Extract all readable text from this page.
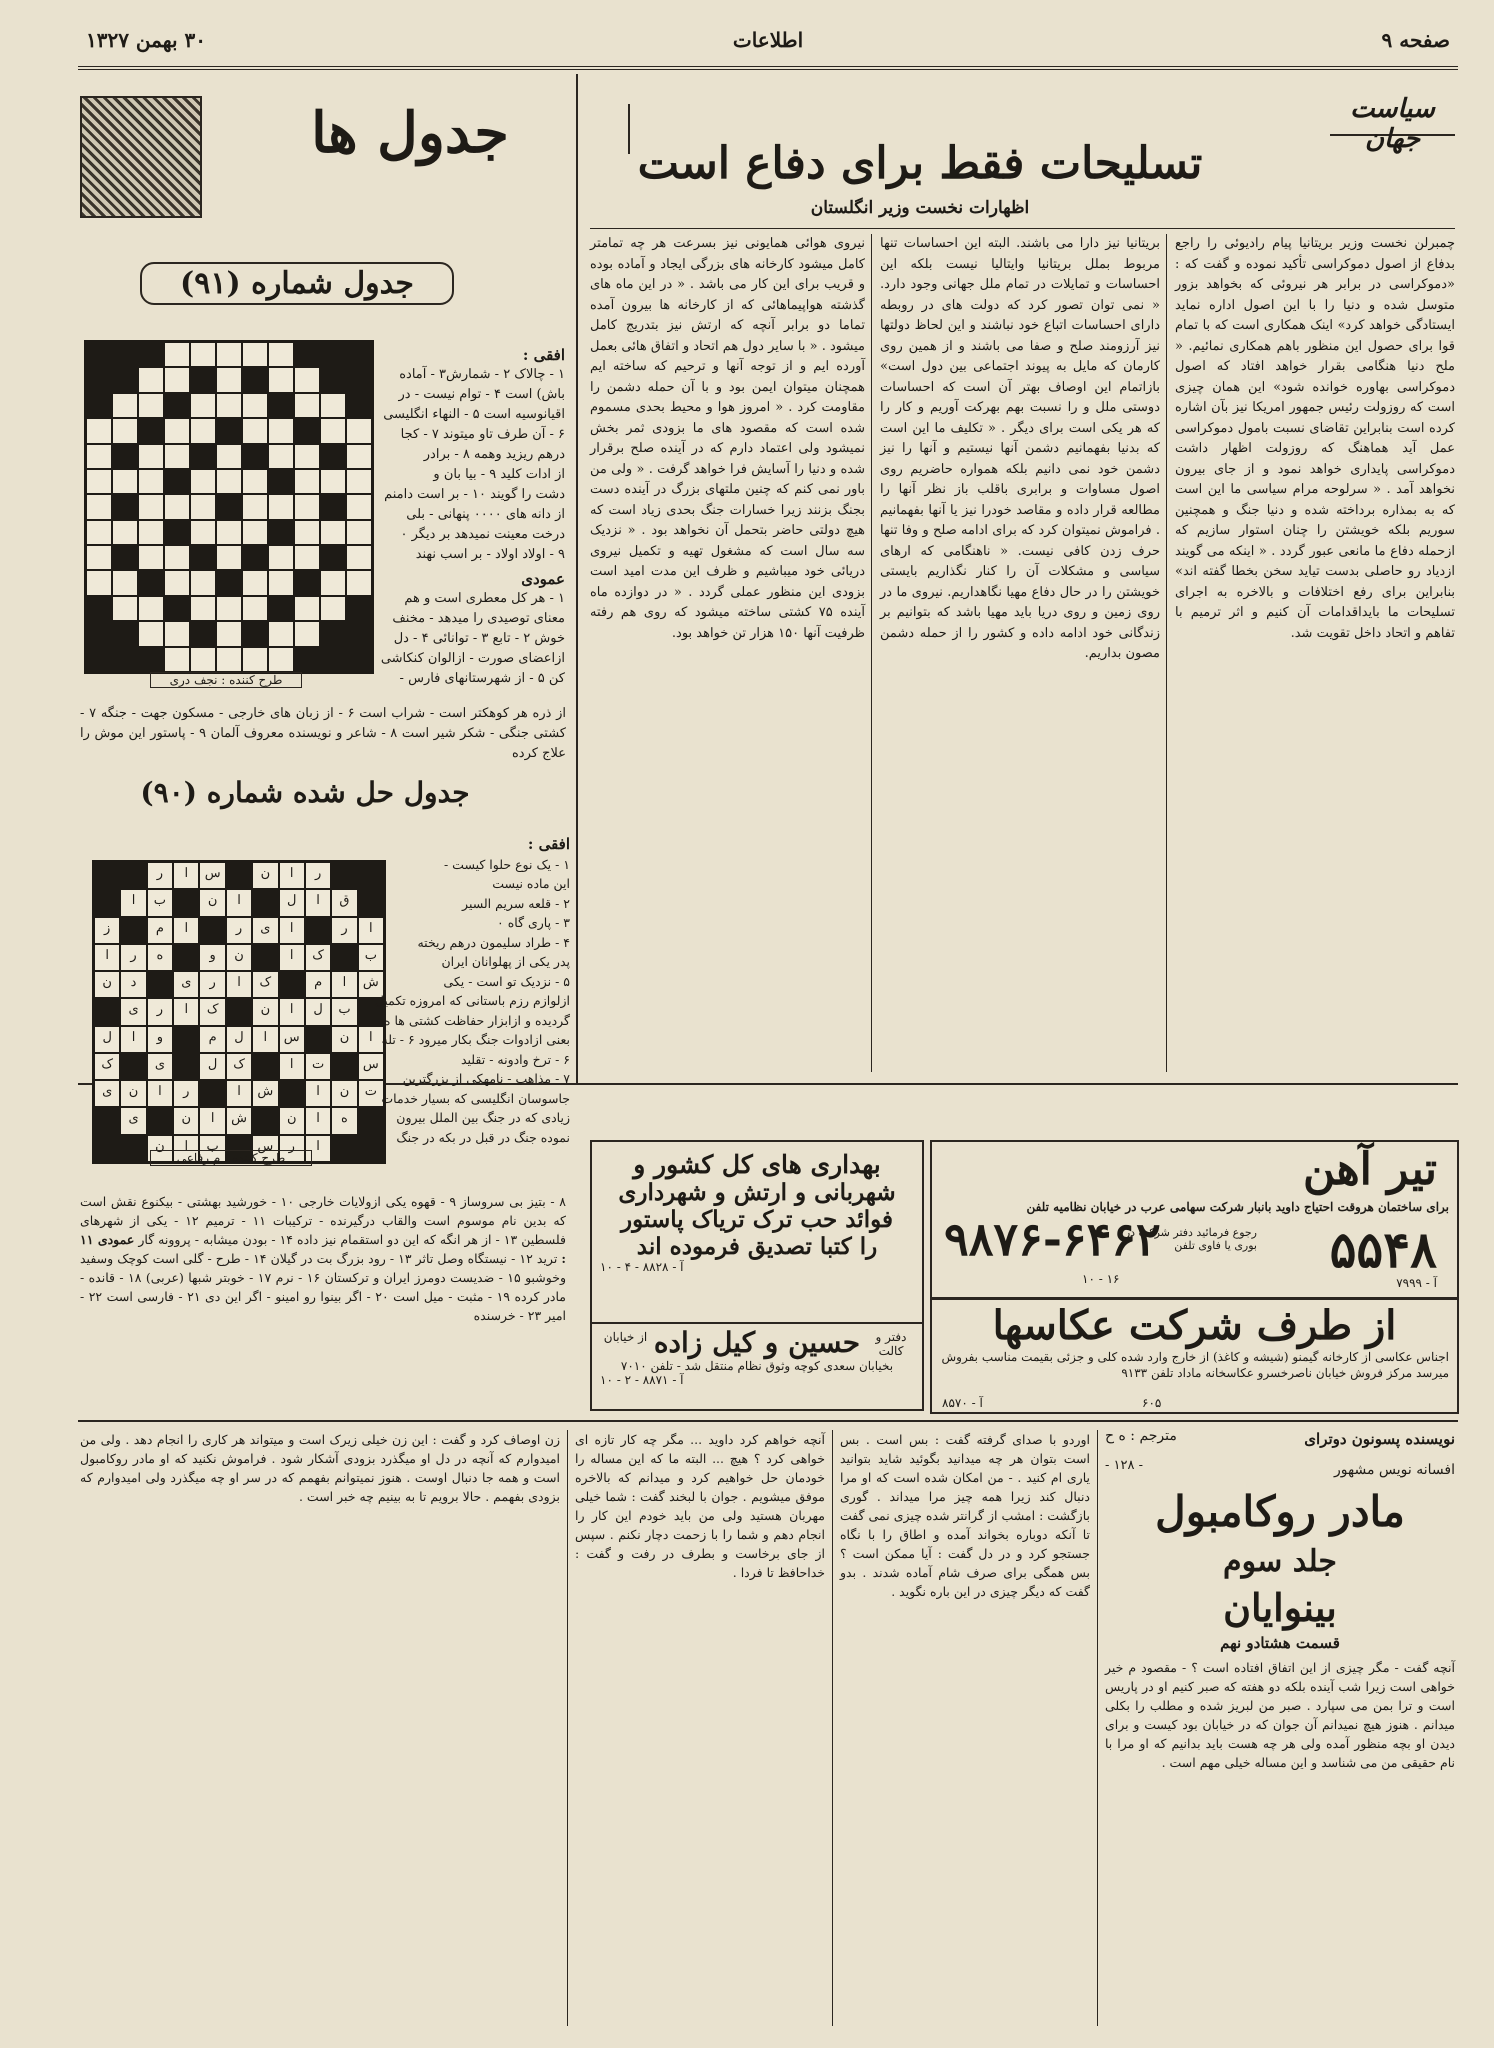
صفحه ۹
اطلاعات
۳۰ بهمن ۱۳۲۷
سیاست جهان
تسلیحات فقط برای دفاع است
اظهارات نخست وزیر انگلستان
چمبرلن نخست وزیر بریتانیا پیام رادیوئی را راجع بدفاع از اصول دموکراسی تأکید نموده و گفت که : «دموکراسی در برابر هر نیروئی که بخواهد بزور متوسل شده و دنیا را با این اصول اداره نماید ایستادگی خواهد کرد» اینک همکاری است که با تمام قوا برای حصول این منظور باهم همکاری نمائیم. « ملح دنیا هنگامی بقرار خواهد افتاد که اصول دموکراسی بهاوره خوانده شود» این همان چیزی است که روزولت رئیس جمهور امریکا نیز بآن اشاره کرده است بنابراین تقاضای نسبت بامول دموکراسی عمل آید هماهنگ که روزولت اظهار داشت دموکراسی پایداری خواهد نمود و از جای بیرون نخواهد آمد . « سرلوحه مرام سیاسی ما این است که به بمذاره برداخته شده و دنیا جنگ و همچنین سوریم بلکه خویشتن را چنان استوار سازیم که ازحمله دفاع ما مانعی عبور گردد . « اینکه می گویند ازدیاد رو حاصلی بدست تیاید سخن بخطا گفته اند» بنابراین برای رفع اختلافات و بالاخره به اجرای تسلیحات ما بایداقدامات آن کنیم و اثر ترمیم با تفاهم و اتحاد داخل تقویت شد.
بریتانیا نیز دارا می باشند. البته این احساسات تنها مربوط بملل بریتانیا وایتالیا نیست بلکه این احساسات و تمایلات در تمام ملل جهانی وجود دارد. « نمی توان تصور کرد که دولت های در روبطه دارای احساسات اتباع خود نباشند و این لحاظ دولتها نیز آرزومند صلح و صفا می باشند و از همین روی کارمان که مایل به پیوند اجتماعی بین دول است» بازاتمام این اوصاف بهتر آن است که احساسات دوستی ملل و را نسبت بهم بهرکت آوریم و کار را که هر یکی است برای دیگر . « تکلیف ما این است که بدنیا بفهمانیم دشمن آنها نیستیم و آنها را نیز دشمن خود نمی دانیم بلکه همواره حاضریم روی اصول مساوات و برابری باقلب باز نظر آنها را مطالعه قرار داده و مقاصد خودرا نیز یا آنها بفهمانیم . فراموش نمیتوان کرد که برای ادامه صلح و وفا تنها حرف زدن کافی نیست. « ناهنگامی که ارهای سیاسی و مشکلات آن را کنار نگذاریم بایستی خویشتن را در حال دفاع مهیا نگاهداریم. نیروی ما در روی زمین و روی دریا باید مهیا باشد که بتوانیم بر زندگانی خود ادامه داده و کشور را از حمله دشمن مصون بداریم.
نیروی هوائی همایونی نیز بسرعت هر چه تمامتر کامل میشود کارخانه های بزرگی ایجاد و آماده بوده و قریب برای این کار می باشد . « در این ماه های گذشته هواپیماهائی که از کارخانه ها بیرون آمده تماما دو برابر آنچه که ارتش نیز بتدریج کامل میشود . « با سایر دول هم اتحاد و اتفاق هائی بعمل آورده ایم و از توجه آنها و ترحیم که ساخته ایم همچنان میتوان ایمن بود و با آن حمله دشمن را مقاومت کرد . « امروز هوا و محیط بحدی مسموم شده است که مقصود های ما بزودی ثمر بخش نمیشود ولی اعتماد دارم که در آینده صلح برقرار شده و دنیا را آسایش فرا خواهد گرفت . « ولی من باور نمی کنم که چنین ملتهای بزرگ در آینده دست بجنگ بزنند زیرا خسارات جنگ بحدی زیاد است که هیچ دولتی حاضر بتحمل آن نخواهد بود . « نزدیک سه سال است که مشغول تهیه و تکمیل نیروی دریائی خود میباشیم و ظرف این مدت امید است بزودی این منظور عملی گردد . « در دوازده ماه آینده ۷۵ کشتی ساخته میشود که روی هم رفته ظرفیت آنها ۱۵۰ هزار تن خواهد بود.
جدول ها
جدول شماره (۹۱)
طرح کننده : نجف دری
افقی :
۱ - چالاک ۲ - شمارش۳ - آماده
باش) است ۴ - توام نیست - در
اقیانوسیه است ۵ - النهاء انگلیسی
۶ - آن طرف تاو میتوند ۷ - کجا
درهم ریزید وهمه ۸ - برادر
از ادات کلید ۹ - بیا بان و
دشت را گویند ۱۰ - بر است دامنم
از دانه های ۰۰۰۰ پنهانی - بلی
درخت معینت نمیدهد بر دیگر ۰
۹ - اولاد اولاد - بر اسب نهند
عمودی
۱ - هر کل معطری است و هم
معنای توصیدی را میدهد - مخنف
خوش ۲ - تابع ۳ - توانائی ۴ - دل
ازاعضای صورت - ازالوان کنکاشی
کن ۵ - از شهرستانهای فارس -
از ذره هر کوهکتر است - شراب است ۶ - از زبان های خارجی - مسکون جهت - جنگه ۷ - کشتی جنگی - شکر شیر است ۸ - شاعر و نویسنده معروف آلمان ۹ - پاستور این موش را علاج کرده
جدول حل شده شماره (۹۰)
ر
ا
ن
س
ا
ر
ق
ا
ل
ا
ن
ب
ا
ا
ر
ا
ی
ر
ا
م
ز
ب
ک
ا
ن
و
ه
ر
ا
ش
ا
م
ک
ا
ر
ی
د
ن
ب
ل
ا
ن
ک
ا
ر
ی
ا
ن
س
ا
ل
م
و
ا
ل
س
ت
ا
ک
ل
ی
ک
ت
ن
ا
ش
ا
ر
ا
ن
ی
ه
ا
ن
ش
ا
ن
ی
ا
ر
س
ب
ا
ن
طرح کننده : م رفاعی
افقی :
۱ - یک نوع حلوا کیست -
این ماده نیست
۲ - قلعه سریم السیر
۳ - پاری گاه ۰
۴ - طراد سلیمون درهم ریخته
پدر یکی از پهلوانان ایران
۵ - نزدیک تو است - یکی
ازلوازم رزم باستانی که امروزه تکمیل
گردیده و ازابزار حفاظت کشتی ها ه
بعنی ازادوات جنگ بکار میرود ۶ - تله
۶ - ترخ وادونه - تقلید
۷ - مذاهب - نامهکی از بزرگترین
جاسوسان انگلیسی که بسیار خدمات
زیادی که در جنگ بین الملل بیرون
نموده جنگ در قبل در بکه در جنگ
۸ - بتیز بی سروساز ۹ - قهوه یکی ازولایات خارجی ۱۰ - خورشید بهشتی - بیکنوع نقش است که بدین نام موسوم است والقاب درگیرنده - ترکیبات ۱۱ - ترمیم ۱۲ - یکی از شهرهای فلسطین ۱۳ - از هر انگه که این دو استقمام نیز داده ۱۴ - بودن میشابه - پروونه گار عمودی ۱۱ : ترید ۱۲ - نیستگاه وصل تاثر ۱۳ - رود بزرگ بت در گیلان ۱۴ - طرح - گلی است کوچک وسفید وخوشبو ۱۵ - ضدیست دومرز ایران و ترکستان ۱۶ - نرم ۱۷ - خوبتر شبها (عربی) ۱۸ - قانده - مادر کرده ۱۹ - مثبت - میل است ۲۰ - اگر بینوا رو امینو - اگر این دی ۲۱ - فارسی است ۲۲ - امیر ۲۳ - خرسنده
بهداری های کل کشور و
شهربانی و ارتش و شهرداری
فوائد حب ترک تریاک پاستور
را کتبا تصدیق فرموده اند
آ - ۸۸۲۸ - ۴ - ۱۰
دفتر و کالت
حسین و کیل زاده
از خیابان
بخیابان سعدی کوچه وثوق نظام منتقل شد - تلفن ۷۰۱۰
آ - ۸۸۷۱ - ۲ - ۱۰
تیر آهن
برای ساختمان هروقت احتیاج داوید بانبار شرکت سهامی عرب در خیابان نظامیه تلفن
۵۵۴۸
رجوع فرمائید دفتر شرکت در بوری یا فاوی تلفن
۹۸۷۶-۶۴۶۲
آ - ۷۹۹۹
۱۶ - ۱۰
از طرف شرکت عکاسها
اجناس عکاسی از کارخانه گیمنو (شیشه و کاغذ) از خارج وارد شده کلی و جزئی بقیمت مناسب بفروش میرسد مرکز فروش خیابان ناصرخسرو عکاسخانه ماداد تلفن ۹۱۳۳
آ - ۸۵۷۰	۶۰۵
نویسنده پسونون دوترای
مترجم : ه ح
افسانه نویس مشهور
- ۱۲۸ -
مادر روکامبول
جلد سوم
بینوایان
قسمت هشتادو نهم
آنچه گفت - مگر چیزی از این اتفاق افتاده است ؟ - مقصود م خیر خواهی است زیرا شب آینده بلکه دو هفته که صبر کنیم او در پاریس است و ترا بمن می سپارد . صبر من لبریز شده و مطلب را بکلی میدانم . هنوز هیچ نمیدانم آن جوان که در خیابان بود کیست و برای دیدن او بچه منظور آمده ولی هر چه هست باید بدانیم که او مرا با نام حقیقی من می شناسد و این مساله خیلی مهم است .
اوردو با صدای گرفته گفت : بس است . بس است بتوان هر چه میدانید بگوئید شاید بتوانید یاری ام کنید . - من امکان شده است که او مرا دنبال کند زیرا همه چیز مرا میداند . گوری بازگشت : امشب از گرانتر شده چیزی نمی گفت تا آنکه دوباره بخواند آمده و اطاق را با نگاه جستجو کرد و در دل گفت : آیا ممکن است ؟ بس همگی برای صرف شام آماده شدند . بدو گفت که دیگر چیزی در این باره نگوید .
آنچه خواهم کرد داوید ... مگر چه کار تازه ای خواهی کرد ؟ هیچ ... البته ما که این مساله را خودمان حل خواهیم کرد و میدانم که بالاخره موفق میشویم . جوان با لبخند گفت : شما خیلی مهربان هستید ولی من باید خودم این کار را انجام دهم و شما را با زحمت دچار نکنم . سپس از جای برخاست و بطرف در رفت و گفت : خداحافظ تا فردا .
زن اوصاف کرد و گفت : این زن خیلی زیرک است و میتواند هر کاری را انجام دهد . ولی من امیدوارم که آنچه در دل او میگذرد بزودی آشکار شود . فراموش نکنید که او مادر روکامبول است و همه جا دنبال اوست . هنوز نمیتوانم بفهمم که در سر او چه میگذرد ولی امیدوارم که بزودی بفهمم . حالا برویم تا به بینیم چه خبر است .
